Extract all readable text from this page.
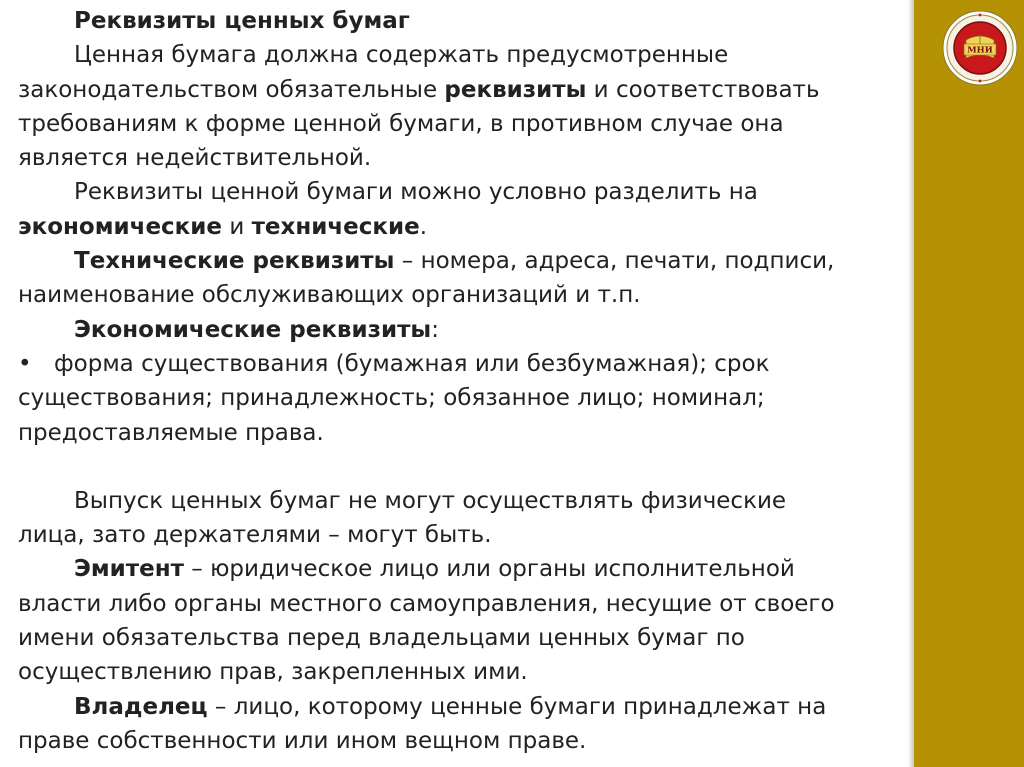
Реквизиты ценных бумаг

Ценная бумага должна содержать предусмотренные

законодательством обязательные реквизиты и соответствовать

требованиям к форме ценной бумаги, в противном случае она

является недействительной.

Реквизиты ценной бумаги можно условно разделить на

экономические и технические.

Технические реквизиты – номера, адреса, печати, подписи,

наименование обслуживающих организаций и т.п.

Экономические реквизиты:

• форма существования (бумажная или безбумажная); срок

существования; принадлежность; обязанное лицо; номинал;

предоставляемые права.

Выпуск ценных бумаг не могут осуществлять физические

лица, зато держателями – могут быть.

Эмитент – юридическое лицо или органы исполнительной

власти либо органы местного самоуправления, несущие от своего

имени обязательства перед владельцами ценных бумаг по

осуществлению прав, закрепленных ими.

Владелец – лицо, которому ценные бумаги принадлежат на

праве собственности или ином вещном праве.

МНИ
